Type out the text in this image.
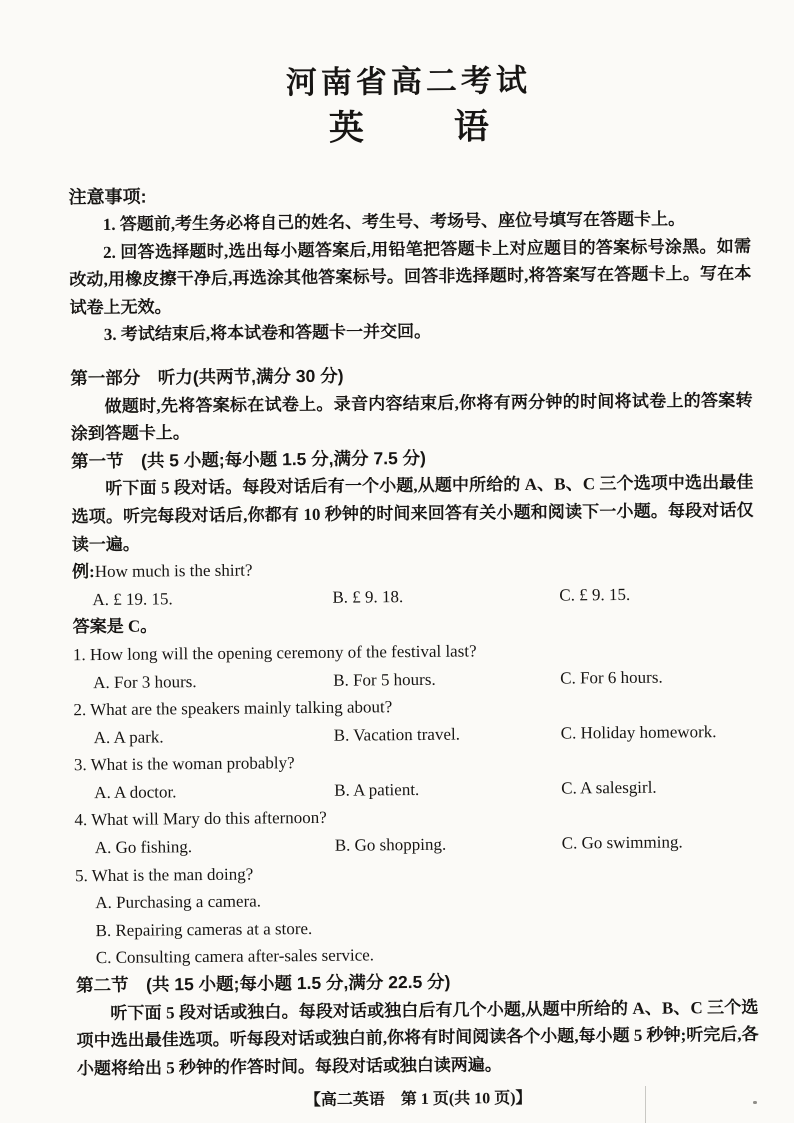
河南省高二考试
英	语
注意事项:

1. 答题前,考生务必将自己的姓名、考生号、考场号、座位号填写在答题卡上。

2. 回答选择题时,选出每小题答案后,用铅笔把答题卡上对应题目的答案标号涂黑。如需改动,用橡皮擦干净后,再选涂其他答案标号。回答非选择题时,将答案写在答题卡上。写在本试卷上无效。

3. 考试结束后,将本试卷和答题卡一并交回。

第一部分　听力(共两节,满分 30 分)

做题时,先将答案标在试卷上。录音内容结束后,你将有两分钟的时间将试卷上的答案转涂到答题卡上。

第一节　(共 5 小题;每小题 1.5 分,满分 7.5 分)

听下面 5 段对话。每段对话后有一个小题,从题中所给的 A、B、C 三个选项中选出最佳选项。听完每段对话后,你都有 10 秒钟的时间来回答有关小题和阅读下一小题。每段对话仅读一遍。

例:How much is the shirt?

A. £ 19. 15.	B. £ 9. 18.	C. £ 9. 15.

答案是 C。

1. How long will the opening ceremony of the festival last?

A. For 3 hours.	B. For 5 hours.	C. For 6 hours.

2. What are the speakers mainly talking about?

A. A park.	B. Vacation travel.	C. Holiday homework.

3. What is the woman probably?

A. A doctor.	B. A patient.	C. A salesgirl.

4. What will Mary do this afternoon?

A. Go fishing.	B. Go shopping.	C. Go swimming.

5. What is the man doing?

A. Purchasing a camera.

B. Repairing cameras at a store.

C. Consulting camera after-sales service.

第二节　(共 15 小题;每小题 1.5 分,满分 22.5 分)

听下面 5 段对话或独白。每段对话或独白后有几个小题,从题中所给的 A、B、C 三个选项中选出最佳选项。听每段对话或独白前,你将有时间阅读各个小题,每小题 5 秒钟;听完后,各小题将给出 5 秒钟的作答时间。每段对话或独白读两遍。

【高二英语　第 1 页(共 10 页)】
